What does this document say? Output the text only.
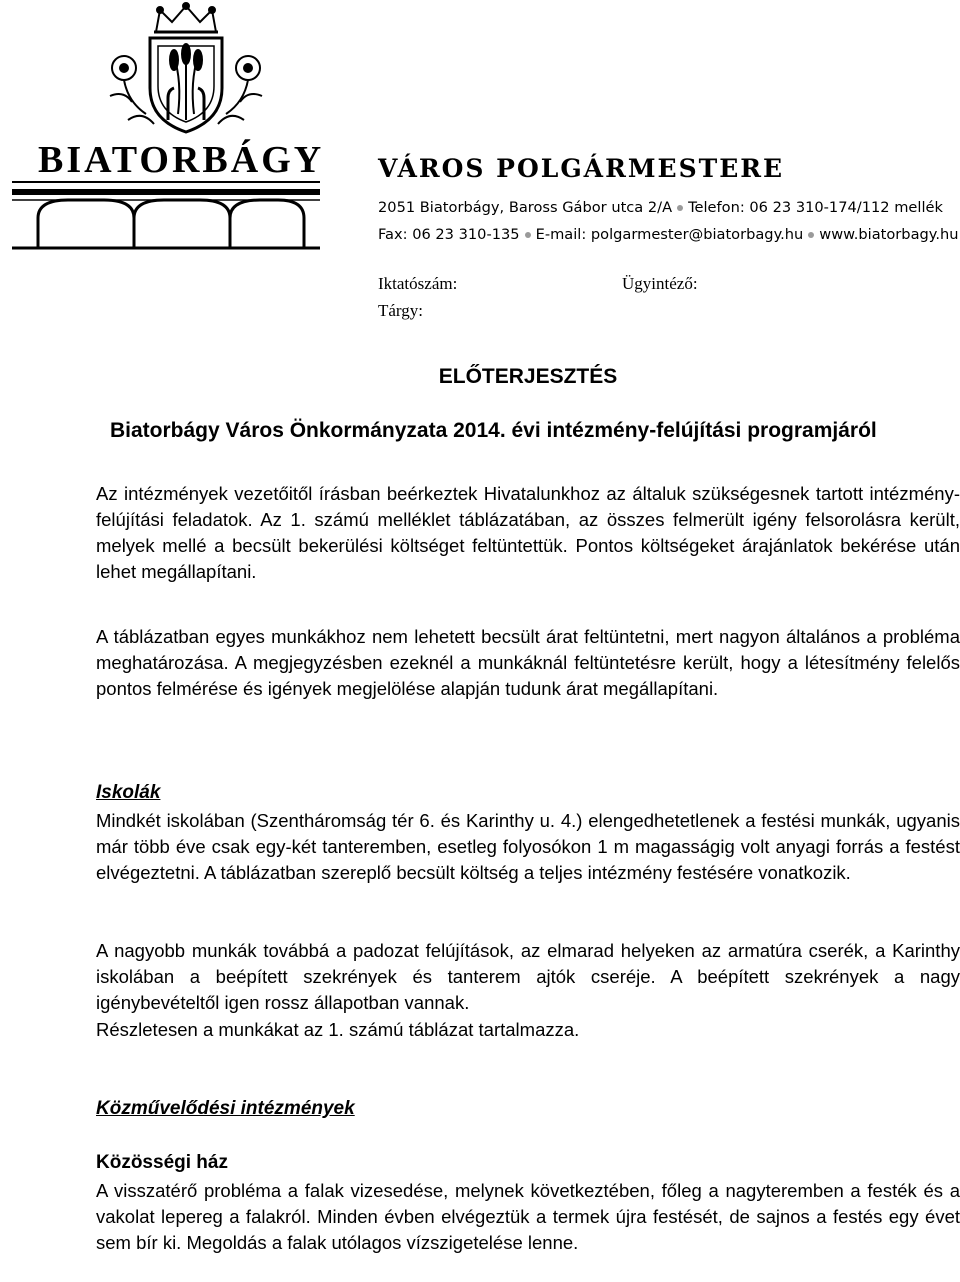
BIATORBÁGY VÁROS POLGÁRMESTERE
2051 Biatorbágy, Baross Gábor utca 2/A Telefon: 06 23 310-174/112 mellék
Fax: 06 23 310-135 E-mail: polgarmester@biatorbagy.hu www.biatorbagy.hu
Iktatószám:	Ügyintéző:
Tárgy:
ELŐTERJESZTÉS
Biatorbágy Város Önkormányzata 2014. évi intézmény-felújítási programjáról
Az intézmények vezetőitől írásban beérkeztek Hivatalunkhoz az általuk szükségesnek tartott intézmény-felújítási feladatok. Az 1. számú melléklet táblázatában, az összes felmerült igény felsorolásra került, melyek mellé a becsült bekerülési költséget feltüntettük. Pontos költségeket árajánlatok bekérése után lehet megállapítani.
A táblázatban egyes munkákhoz nem lehetett becsült árat feltüntetni, mert nagyon általános a probléma meghatározása. A megjegyzésben ezeknél a munkáknál feltüntetésre került, hogy a létesítmény felelős pontos felmérése és igények megjelölése alapján tudunk árat megállapítani.
Iskolák
Mindkét iskolában (Szentháromság tér 6. és Karinthy u. 4.) elengedhetetlenek a festési munkák, ugyanis már több éve csak egy-két tanteremben, esetleg folyosókon 1 m magasságig volt anyagi forrás a festést elvégeztetni. A táblázatban szereplő becsült költség a teljes intézmény festésére vonatkozik.
A nagyobb munkák továbbá a padozat felújítások, az elmarad helyeken az armatúra cserék, a Karinthy iskolában a beépített szekrények és tanterem ajtók cseréje. A beépített szekrények a nagy igénybevételtől igen rossz állapotban vannak.
Részletesen a munkákat az 1. számú táblázat tartalmazza.
Közművelődési intézmények
Közösségi ház
A visszatérő probléma a falak vizesedése, melynek következtében, főleg a nagyteremben a festék és a vakolat lepereg a falakról. Minden évben elvégeztük a termek újra festését, de sajnos a festés egy évet sem bír ki. Megoldás a falak utólagos vízszigetelése lenne.
